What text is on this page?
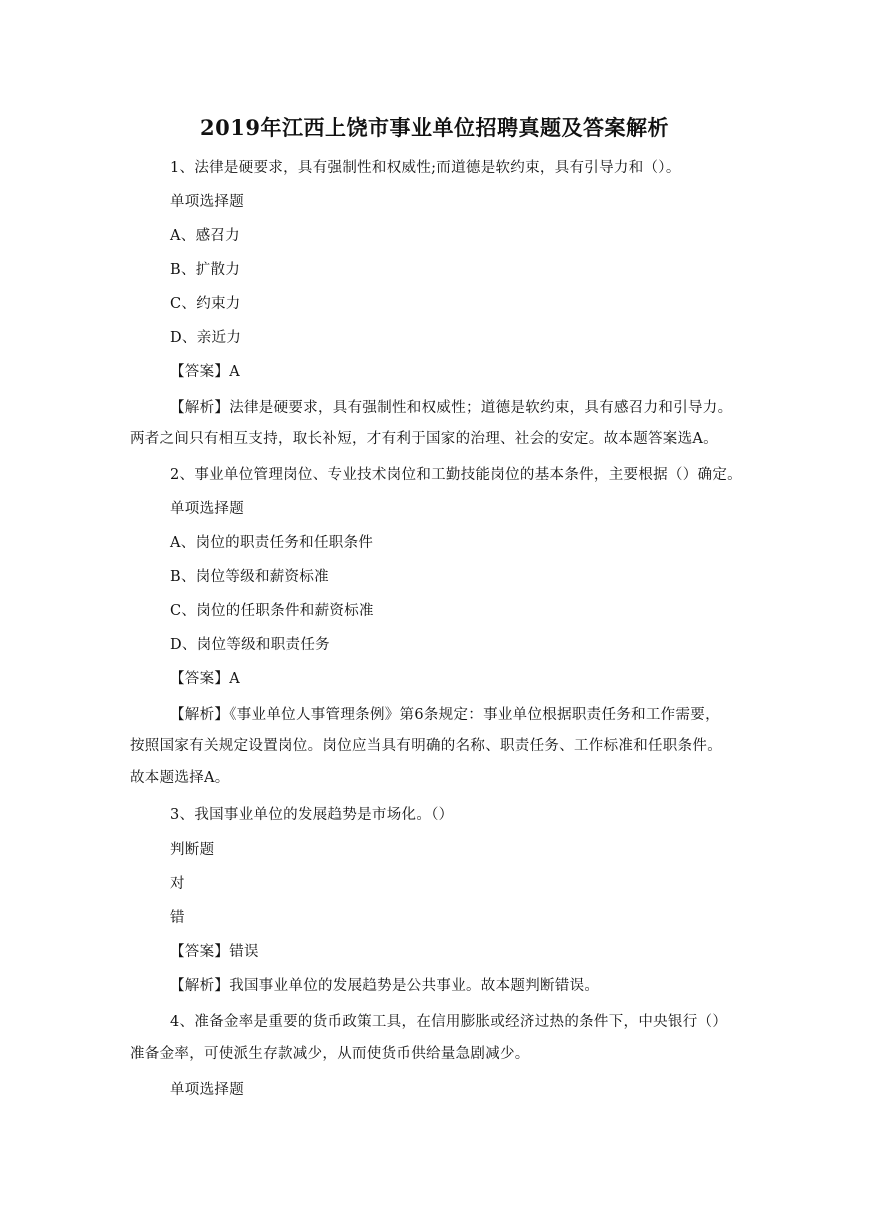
2019年江西上饶市事业单位招聘真题及答案解析
1、法律是硬要求，具有强制性和权威性;而道德是软约束，具有引导力和（）。
单项选择题
A、感召力
B、扩散力
C、约束力
D、亲近力
【答案】A
【解析】法律是硬要求，具有强制性和权威性；道德是软约束，具有感召力和引导力。
两者之间只有相互支持，取长补短，才有利于国家的治理、社会的安定。故本题答案选A。
2、事业单位管理岗位、专业技术岗位和工勤技能岗位的基本条件，主要根据（）确定。
单项选择题
A、岗位的职责任务和任职条件
B、岗位等级和薪资标准
C、岗位的任职条件和薪资标准
D、岗位等级和职责任务
【答案】A
【解析】《事业单位人事管理条例》第6条规定：事业单位根据职责任务和工作需要，
按照国家有关规定设置岗位。岗位应当具有明确的名称、职责任务、工作标准和任职条件。
故本题选择A。
3、我国事业单位的发展趋势是市场化。（）
判断题
对
错
【答案】错误
【解析】我国事业单位的发展趋势是公共事业。故本题判断错误。
4、准备金率是重要的货币政策工具，在信用膨胀或经济过热的条件下，中央银行（）
准备金率，可使派生存款减少，从而使货币供给量急剧减少。
单项选择题
